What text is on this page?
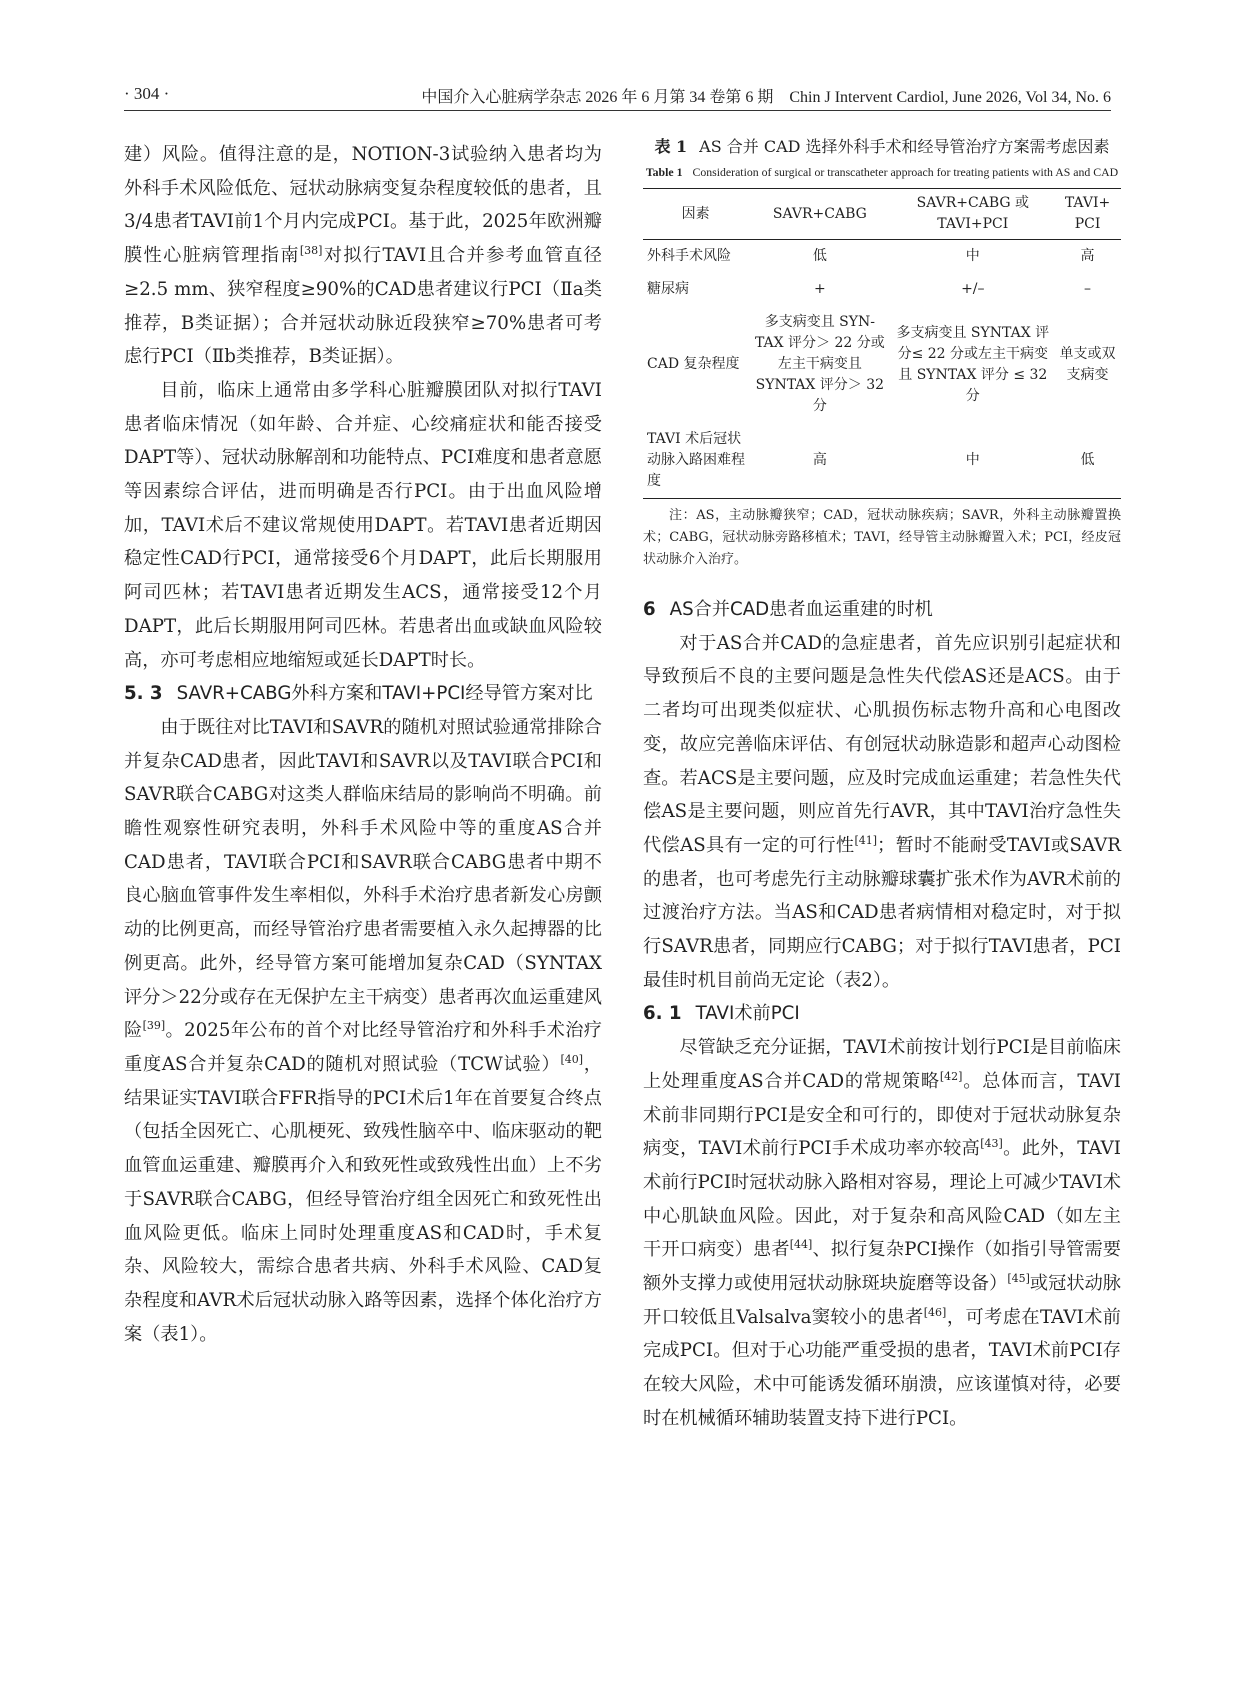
· 304 ·	中国介入心脏病学杂志 2026 年 6 月第 34 卷第 6 期　Chin J Intervent Cardiol, June 2026, Vol 34, No. 6

建）风险。值得注意的是，NOTION-3试验纳入患者均为外科手术风险低危、冠状动脉病变复杂程度较低的患者，且3/4患者TAVI前1个月内完成PCI。基于此，2025年欧洲瓣膜性心脏病管理指南[38]对拟行TAVI且合并参考血管直径≥2.5 mm、狭窄程度≥90%的CAD患者建议行PCI（Ⅱa类推荐，B类证据）；合并冠状动脉近段狭窄≥70%患者可考虑行PCI（Ⅱb类推荐，B类证据）。

目前，临床上通常由多学科心脏瓣膜团队对拟行TAVI患者临床情况（如年龄、合并症、心绞痛症状和能否接受DAPT等）、冠状动脉解剖和功能特点、PCI难度和患者意愿等因素综合评估，进而明确是否行PCI。由于出血风险增加，TAVI术后不建议常规使用DAPT。若TAVI患者近期因稳定性CAD行PCI，通常接受6个月DAPT，此后长期服用阿司匹林；若TAVI患者近期发生ACS，通常接受12个月DAPT，此后长期服用阿司匹林。若患者出血或缺血风险较高，亦可考虑相应地缩短或延长DAPT时长。

5. 3 SAVR+CABG外科方案和TAVI+PCI经导管方案对比

由于既往对比TAVI和SAVR的随机对照试验通常排除合并复杂CAD患者，因此TAVI和SAVR以及TAVI联合PCI和SAVR联合CABG对这类人群临床结局的影响尚不明确。前瞻性观察性研究表明，外科手术风险中等的重度AS合并CAD患者，TAVI联合PCI和SAVR联合CABG患者中期不良心脑血管事件发生率相似，外科手术治疗患者新发心房颤动的比例更高，而经导管治疗患者需要植入永久起搏器的比例更高。此外，经导管方案可能增加复杂CAD（SYNTAX评分＞22分或存在无保护左主干病变）患者再次血运重建风险[39]。2025年公布的首个对比经导管治疗和外科手术治疗重度AS合并复杂CAD的随机对照试验（TCW试验）[40]，结果证实TAVI联合FFR指导的PCI术后1年在首要复合终点（包括全因死亡、心肌梗死、致残性脑卒中、临床驱动的靶血管血运重建、瓣膜再介入和致死性或致残性出血）上不劣于SAVR联合CABG，但经导管治疗组全因死亡和致死性出血风险更低。临床上同时处理重度AS和CAD时，手术复杂、风险较大，需综合患者共病、外科手术风险、CAD复杂程度和AVR术后冠状动脉入路等因素，选择个体化治疗方案（表1）。

表 1 AS 合并 CAD 选择外科手术和经导管治疗方案需考虑因素

Table 1 Consideration of surgical or transcatheter approach for treating patients with AS and CAD

因素	SAVR+CABG	SAVR+CABG 或 TAVI+PCI	TAVI+ PCI
外科手术风险	低	中	高
糖尿病	+	+/–	–
CAD 复杂程度	多支病变且 SYN-TAX 评分＞ 22 分或左主干病变且 SYNTAX 评分＞ 32 分	多支病变且 SYNTAX 评分≤ 22 分或左主干病变且 SYNTAX 评分 ≤ 32 分	单支或双支病变
TAVI 术后冠状动脉入路困难程度	高	中	低

注：AS，主动脉瓣狭窄；CAD，冠状动脉疾病；SAVR，外科主动脉瓣置换术；CABG，冠状动脉旁路移植术；TAVI，经导管主动脉瓣置入术；PCI，经皮冠状动脉介入治疗。

6 AS合并CAD患者血运重建的时机

对于AS合并CAD的急症患者，首先应识别引起症状和导致预后不良的主要问题是急性失代偿AS还是ACS。由于二者均可出现类似症状、心肌损伤标志物升高和心电图改变，故应完善临床评估、有创冠状动脉造影和超声心动图检查。若ACS是主要问题，应及时完成血运重建；若急性失代偿AS是主要问题，则应首先行AVR，其中TAVI治疗急性失代偿AS具有一定的可行性[41]；暂时不能耐受TAVI或SAVR的患者，也可考虑先行主动脉瓣球囊扩张术作为AVR术前的过渡治疗方法。当AS和CAD患者病情相对稳定时，对于拟行SAVR患者，同期应行CABG；对于拟行TAVI患者，PCI最佳时机目前尚无定论（表2）。

6. 1 TAVI术前PCI

尽管缺乏充分证据，TAVI术前按计划行PCI是目前临床上处理重度AS合并CAD的常规策略[42]。总体而言，TAVI术前非同期行PCI是安全和可行的，即使对于冠状动脉复杂病变，TAVI术前行PCI手术成功率亦较高[43]。此外，TAVI术前行PCI时冠状动脉入路相对容易，理论上可减少TAVI术中心肌缺血风险。因此，对于复杂和高风险CAD（如左主干开口病变）患者[44]、拟行复杂PCI操作（如指引导管需要额外支撑力或使用冠状动脉斑块旋磨等设备）[45]或冠状动脉开口较低且Valsalva窦较小的患者[46]，可考虑在TAVI术前完成PCI。但对于心功能严重受损的患者，TAVI术前PCI存在较大风险，术中可能诱发循环崩溃，应该谨慎对待，必要时在机械循环辅助装置支持下进行PCI。
